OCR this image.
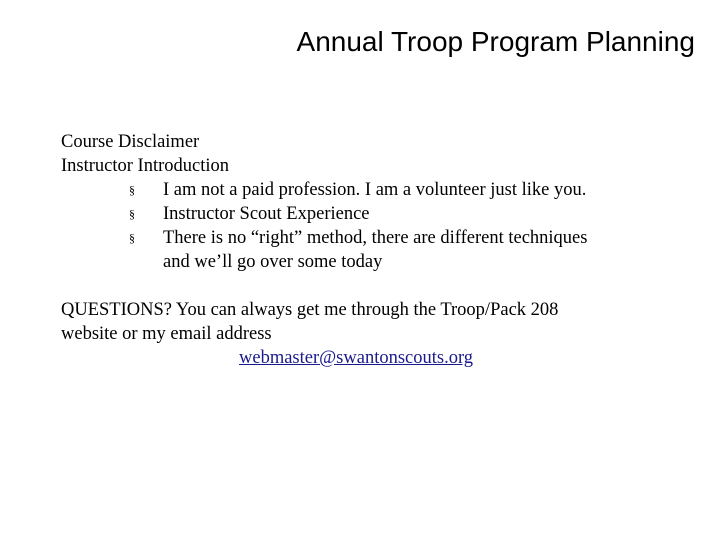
Annual Troop Program Planning
Course Disclaimer
Instructor Introduction
§ I am not a paid profession. I am a volunteer just like you.
§ Instructor Scout Experience
§ There is no “right” method, there are different techniques
and we’ll go over some today
QUESTIONS? You can always get me through the Troop/Pack 208
website or my email address
webmaster@swantonscouts.org
